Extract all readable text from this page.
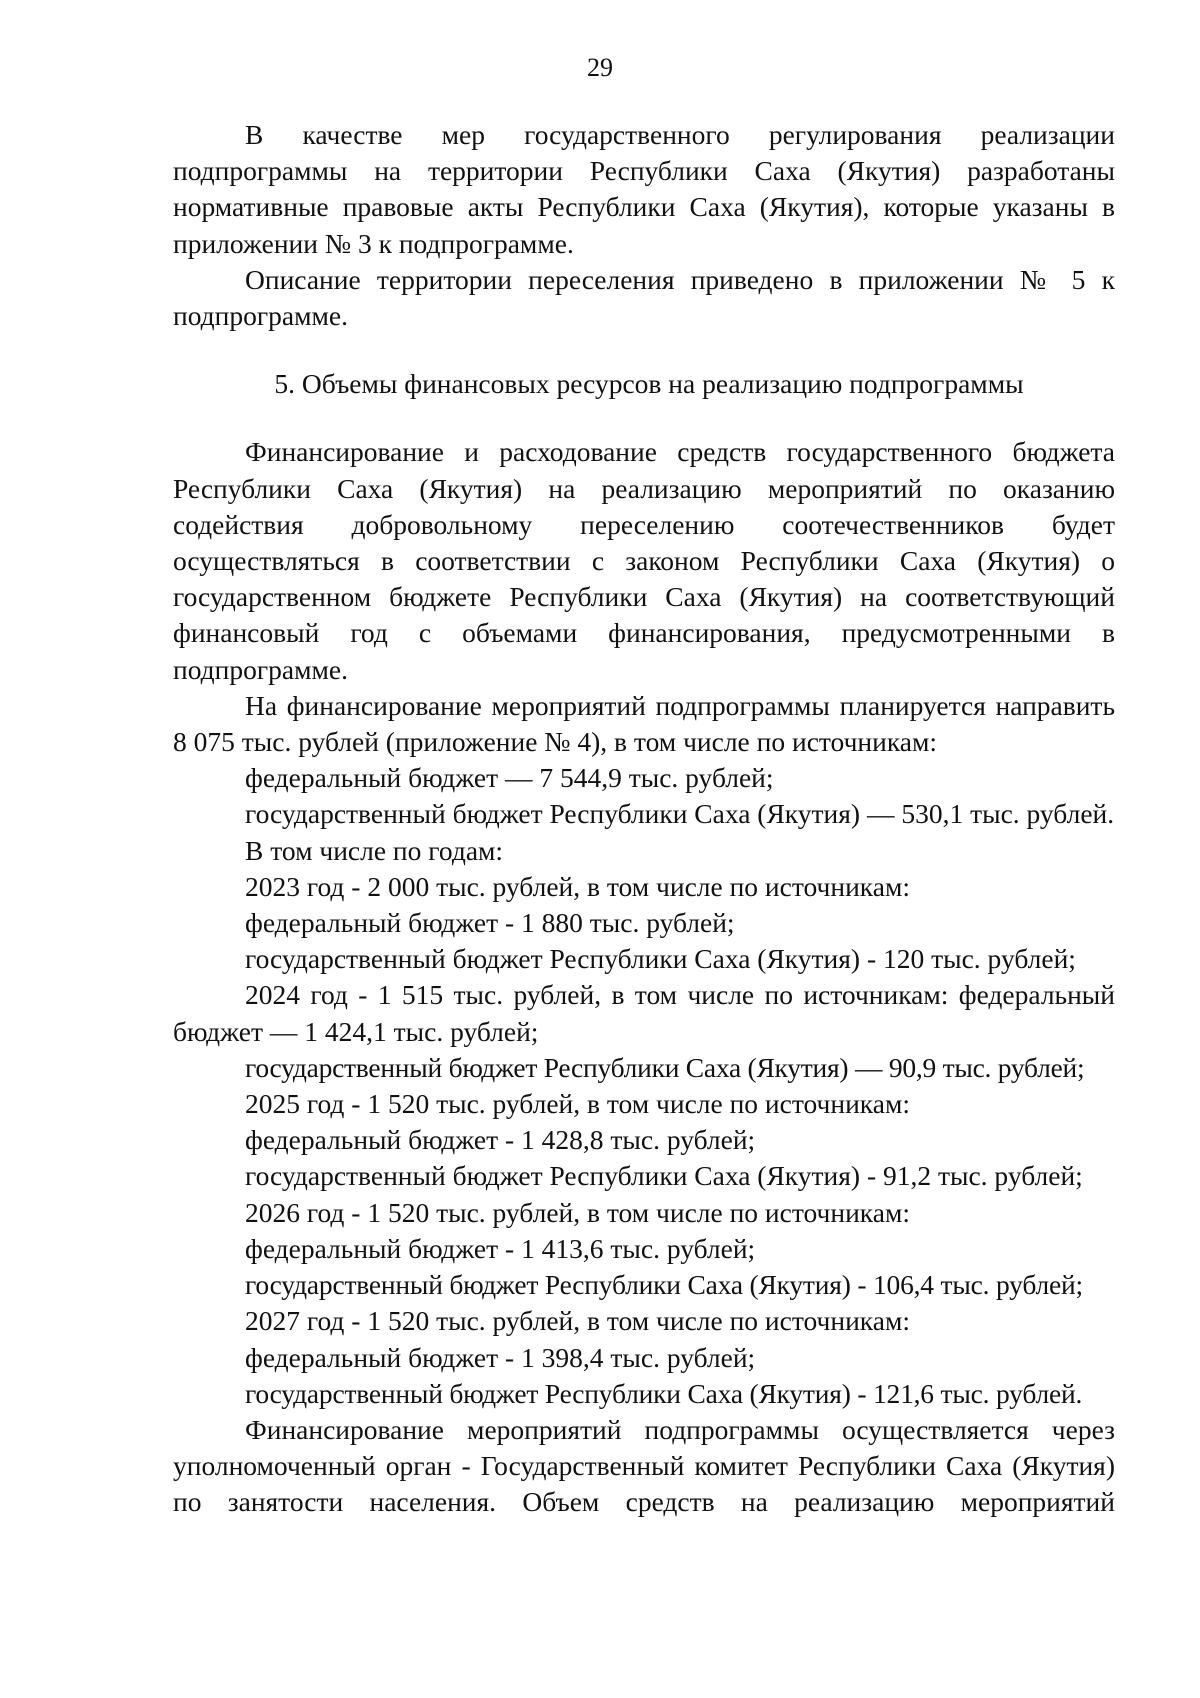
29

В качестве мер государственного регулирования реализации подпрограммы на территории Республики Саха (Якутия) разработаны нормативные правовые акты Республики Саха (Якутия), которые указаны в приложении № 3 к подпрограмме.

Описание территории переселения приведено в приложении № 5 к подпрограмме.

5. Объемы финансовых ресурсов на реализацию подпрограммы

Финансирование и расходование средств государственного бюджета Республики Саха (Якутия) на реализацию мероприятий по оказанию содействия добровольному переселению соотечественников будет осуществляться в соответствии с законом Республики Саха (Якутия) о государственном бюджете Республики Саха (Якутия) на соответствующий финансовый год с объемами финансирования, предусмотренными в подпрограмме.

На финансирование мероприятий подпрограммы планируется направить 8 075 тыс. рублей (приложение № 4), в том числе по источникам:

федеральный бюджет — 7 544,9 тыс. рублей;

государственный бюджет Республики Саха (Якутия) — 530,1 тыс. рублей.

В том числе по годам:

2023 год - 2 000 тыс. рублей, в том числе по источникам:

федеральный бюджет - 1 880 тыс. рублей;

государственный бюджет Республики Саха (Якутия) - 120 тыс. рублей;

2024 год - 1 515 тыс. рублей, в том числе по источникам: федеральный бюджет — 1 424,1 тыс. рублей;

государственный бюджет Республики Саха (Якутия) — 90,9 тыс. рублей;

2025 год - 1 520 тыс. рублей, в том числе по источникам:

федеральный бюджет - 1 428,8 тыс. рублей;

государственный бюджет Республики Саха (Якутия) - 91,2 тыс. рублей;

2026 год - 1 520 тыс. рублей, в том числе по источникам:

федеральный бюджет - 1 413,6 тыс. рублей;

государственный бюджет Республики Саха (Якутия) - 106,4 тыс. рублей;

2027 год - 1 520 тыс. рублей, в том числе по источникам:

федеральный бюджет - 1 398,4 тыс. рублей;

государственный бюджет Республики Саха (Якутия) - 121,6 тыс. рублей.

Финансирование мероприятий подпрограммы осуществляется через уполномоченный орган - Государственный комитет Республики Саха (Якутия) по занятости населения. Объем средств на реализацию мероприятий
